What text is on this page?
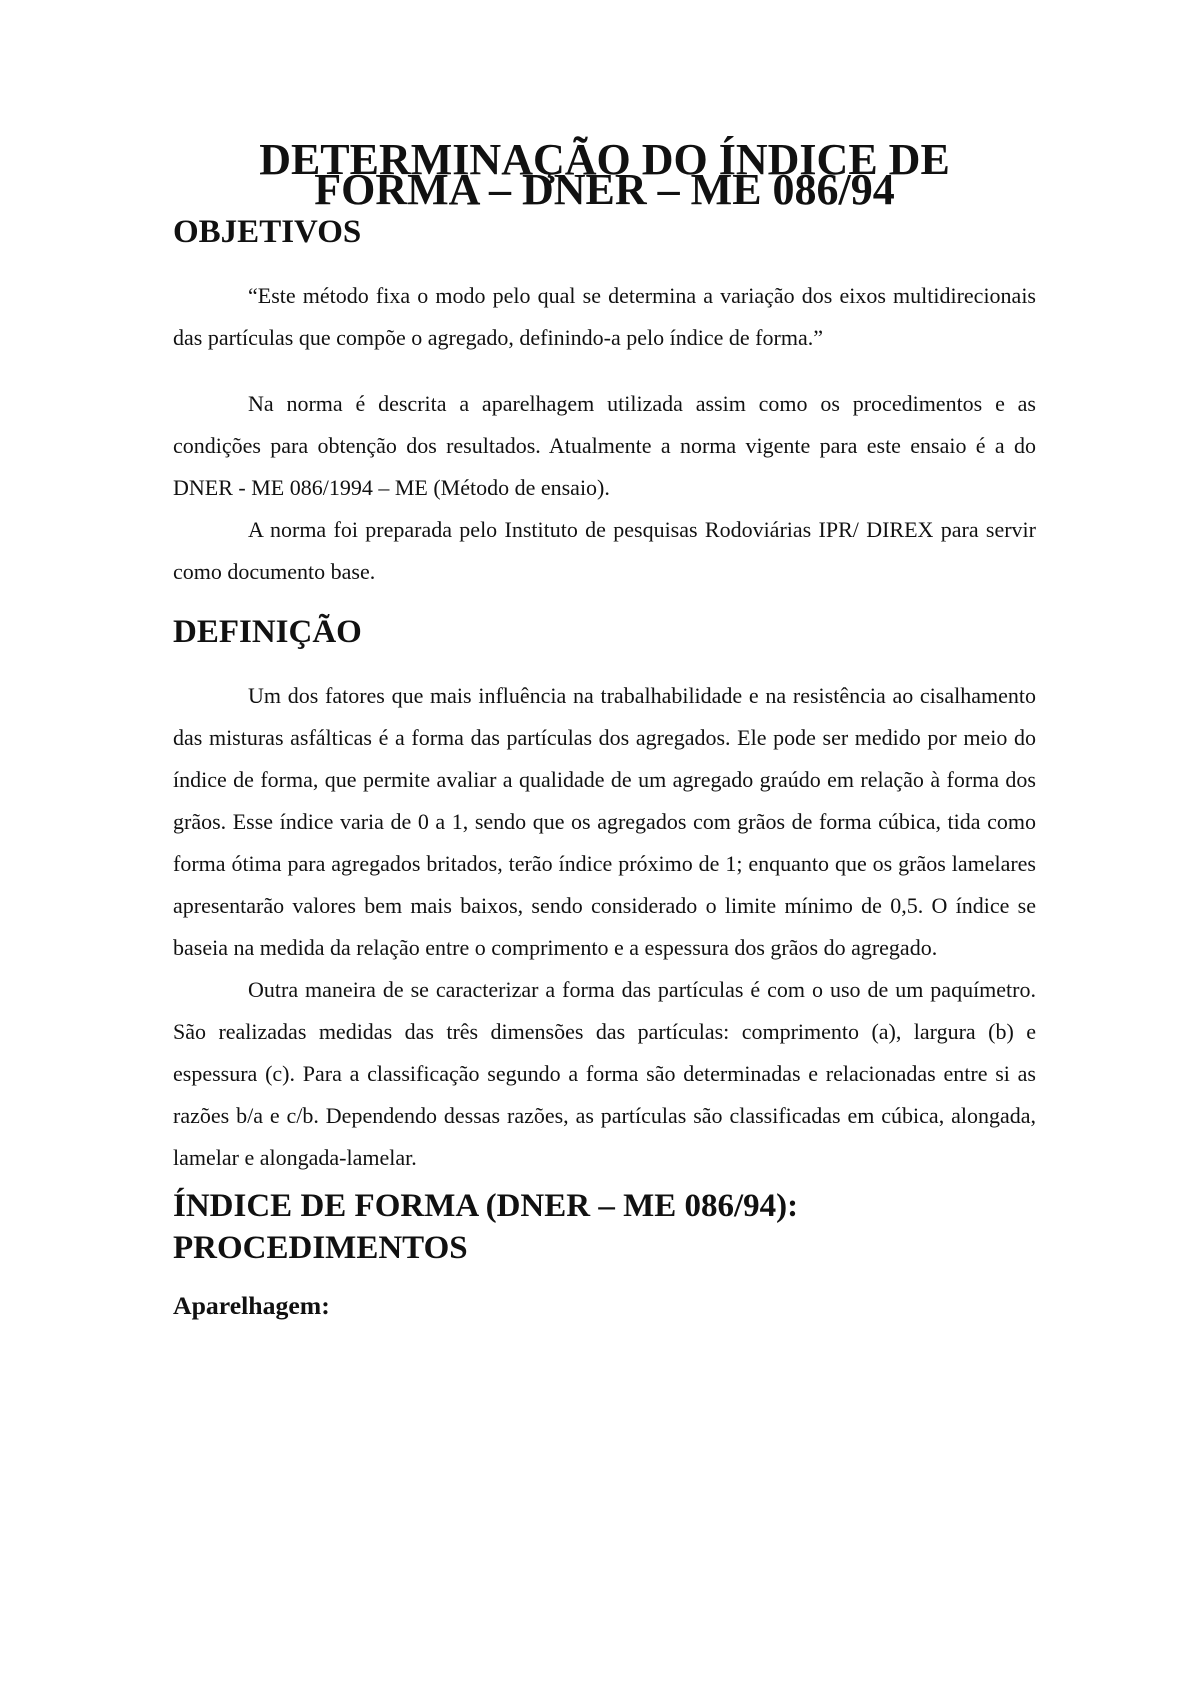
DETERMINAÇÃO DO ÍNDICE DE FORMA – DNER – ME 086/94
OBJETIVOS

“Este método fixa o modo pelo qual se determina a variação dos eixos multidirecionais das partículas que compõe o agregado, definindo-a pelo índice de forma.”

Na norma é descrita a aparelhagem utilizada assim como os procedimentos e as condições para obtenção dos resultados. Atualmente a norma vigente para este ensaio é a do DNER - ME 086/1994 – ME (Método de ensaio).

A norma foi preparada pelo Instituto de pesquisas Rodoviárias IPR/ DIREX para servir como documento base.

DEFINIÇÃO

Um dos fatores que mais influência na trabalhabilidade e na resistência ao cisalhamento das misturas asfálticas é a forma das partículas dos agregados. Ele pode ser medido por meio do índice de forma, que permite avaliar a qualidade de um agregado graúdo em relação à forma dos grãos. Esse índice varia de 0 a 1, sendo que os agregados com grãos de forma cúbica, tida como forma ótima para agregados britados, terão índice próximo de 1; enquanto que os grãos lamelares apresentarão valores bem mais baixos, sendo considerado o limite mínimo de 0,5. O índice se baseia na medida da relação entre o comprimento e a espessura dos grãos do agregado.

Outra maneira de se caracterizar a forma das partículas é com o uso de um paquímetro. São realizadas medidas das três dimensões das partículas: comprimento (a), largura (b) e espessura (c). Para a classificação segundo a forma são determinadas e relacionadas entre si as razões b/a e c/b. Dependendo dessas razões, as partículas são classificadas em cúbica, alongada, lamelar e alongada-lamelar.

ÍNDICE DE FORMA (DNER – ME 086/94):
PROCEDIMENTOS
Aparelhagem:
